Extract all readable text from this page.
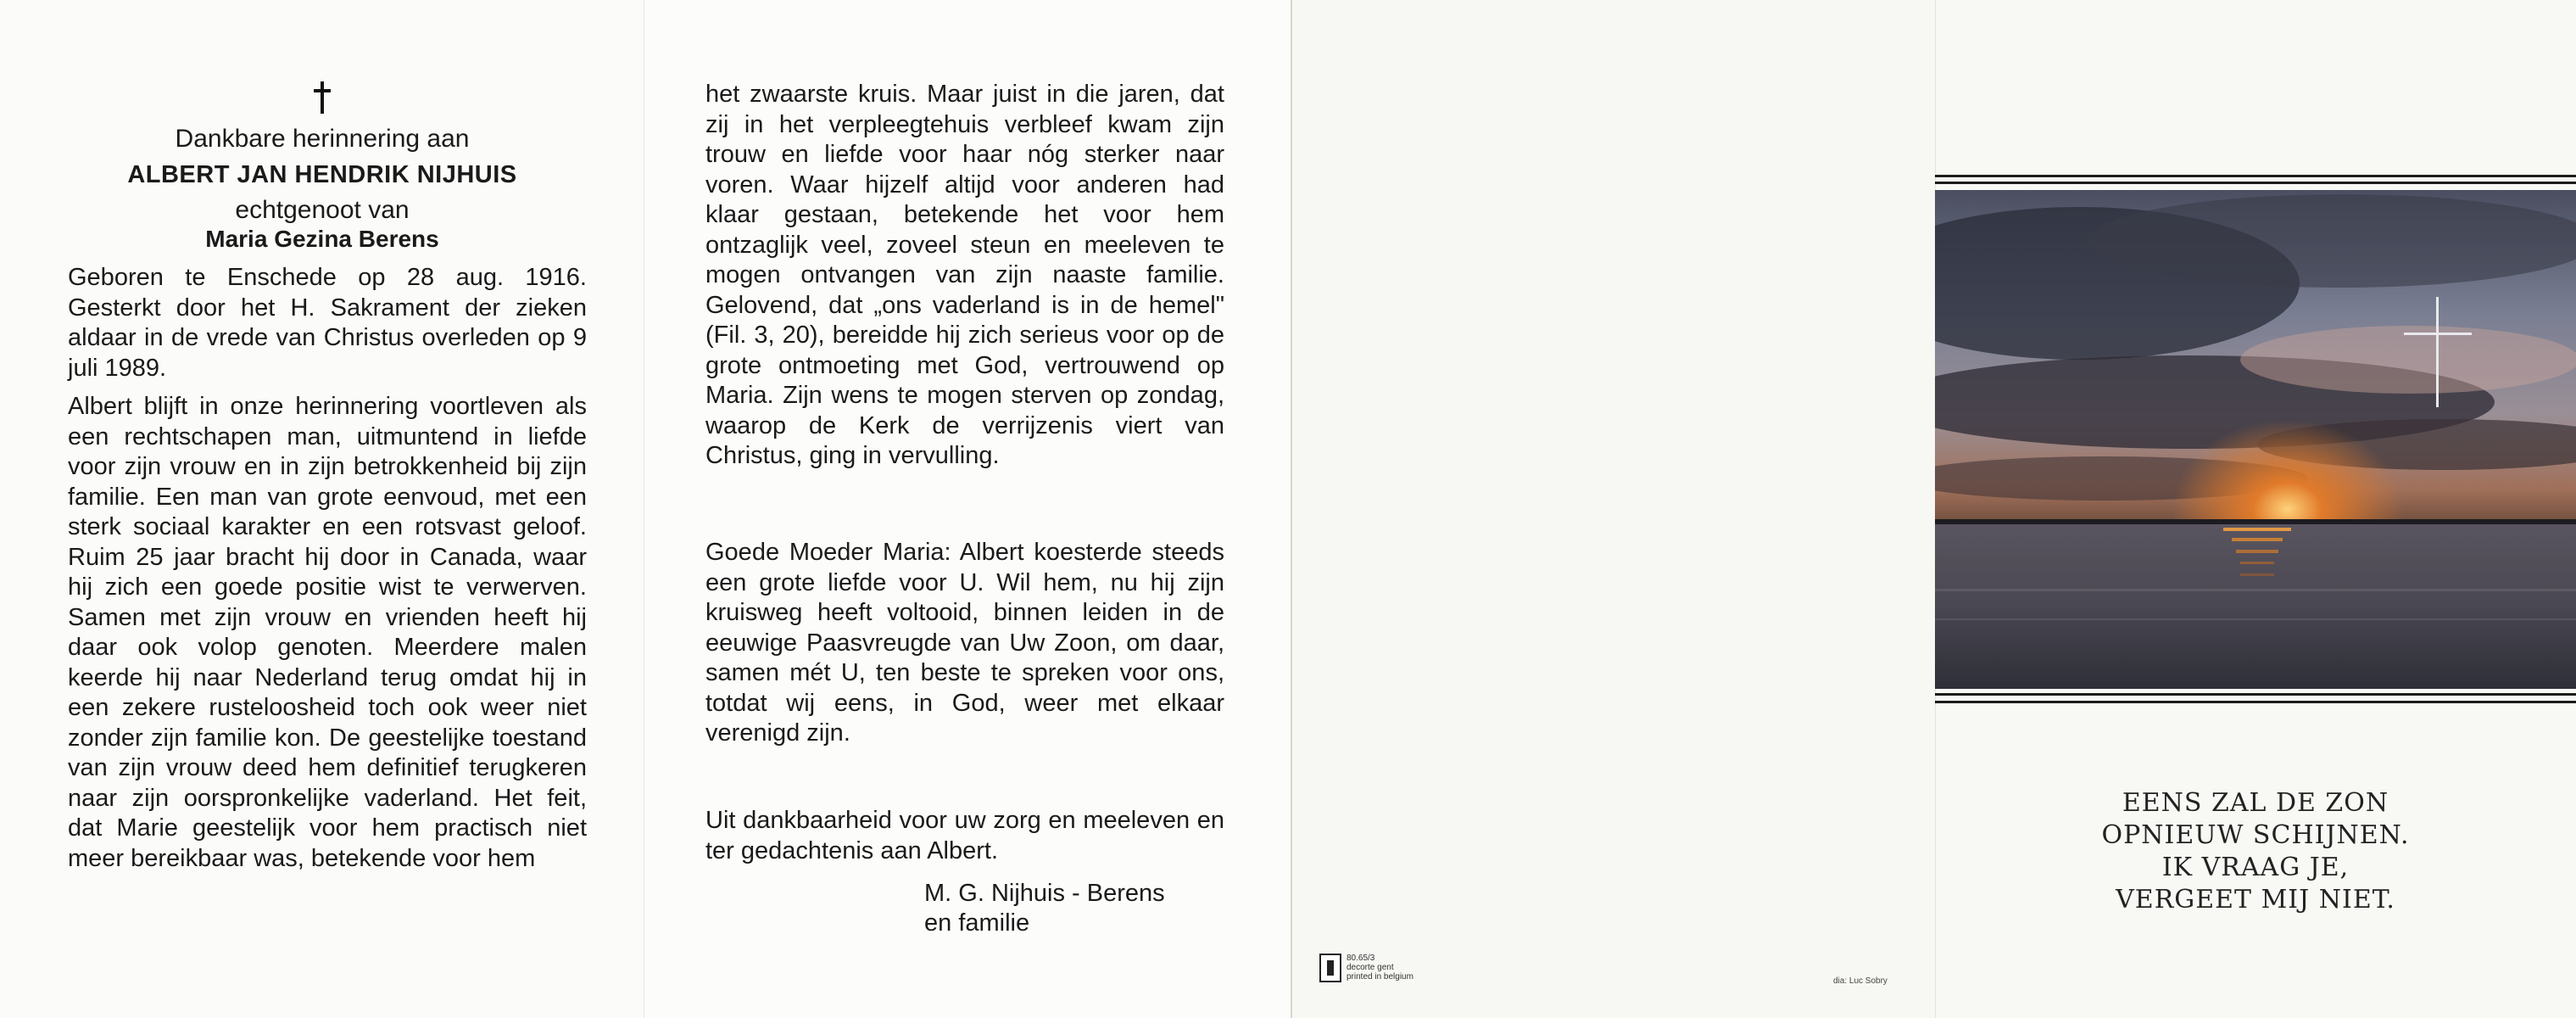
Dankbare herinnering aan
ALBERT JAN HENDRIK NIJHUIS
echtgenoot van
Maria Gezina Berens

Geboren te Enschede op 28 aug. 1916. Gesterkt door het H. Sakrament der zieken aldaar in de vrede van Christus overleden op 9 juli 1989.

Albert blijft in onze herinnering voortleven als een rechtschapen man, uitmuntend in liefde voor zijn vrouw en in zijn betrokkenheid bij zijn familie. Een man van grote eenvoud, met een sterk sociaal karakter en een rotsvast geloof. Ruim 25 jaar bracht hij door in Canada, waar hij zich een goede positie wist te verwerven. Samen met zijn vrouw en vrienden heeft hij daar ook volop genoten. Meerdere malen keerde hij naar Nederland terug omdat hij in een zekere rusteloosheid toch ook weer niet zonder zijn familie kon. De geestelijke toestand van zijn vrouw deed hem definitief terugkeren naar zijn oorspronkelijke vaderland. Het feit, dat Marie geestelijk voor hem practisch niet meer bereikbaar was, betekende voor hem

het zwaarste kruis. Maar juist in die jaren, dat zij in het verpleegtehuis verbleef kwam zijn trouw en liefde voor haar nóg sterker naar voren. Waar hijzelf altijd voor anderen had klaar gestaan, betekende het voor hem ontzaglijk veel, zoveel steun en meeleven te mogen ontvangen van zijn naaste familie. Gelovend, dat „ons vaderland is in de hemel" (Fil. 3, 20), bereidde hij zich serieus voor op de grote ontmoeting met God, vertrouwend op Maria. Zijn wens te mogen sterven op zondag, waarop de Kerk de verrijzenis viert van Christus, ging in vervulling.

Goede Moeder Maria: Albert koesterde steeds een grote liefde voor U. Wil hem, nu hij zijn kruisweg heeft voltooid, binnen leiden in de eeuwige Paasvreugde van Uw Zoon, om daar, samen mét U, ten beste te spreken voor ons, totdat wij eens, in God, weer met elkaar verenigd zijn.

Uit dankbaarheid voor uw zorg en meeleven en ter gedachtenis aan Albert.

M. G. Nijhuis - Berens
en familie
80.65/3
decorte gent
printed in belgium	dia: Luc Sobry
EENS ZAL DE ZON
OPNIEUW SCHIJNEN.
IK VRAAG JE,
VERGEET MIJ NIET.
